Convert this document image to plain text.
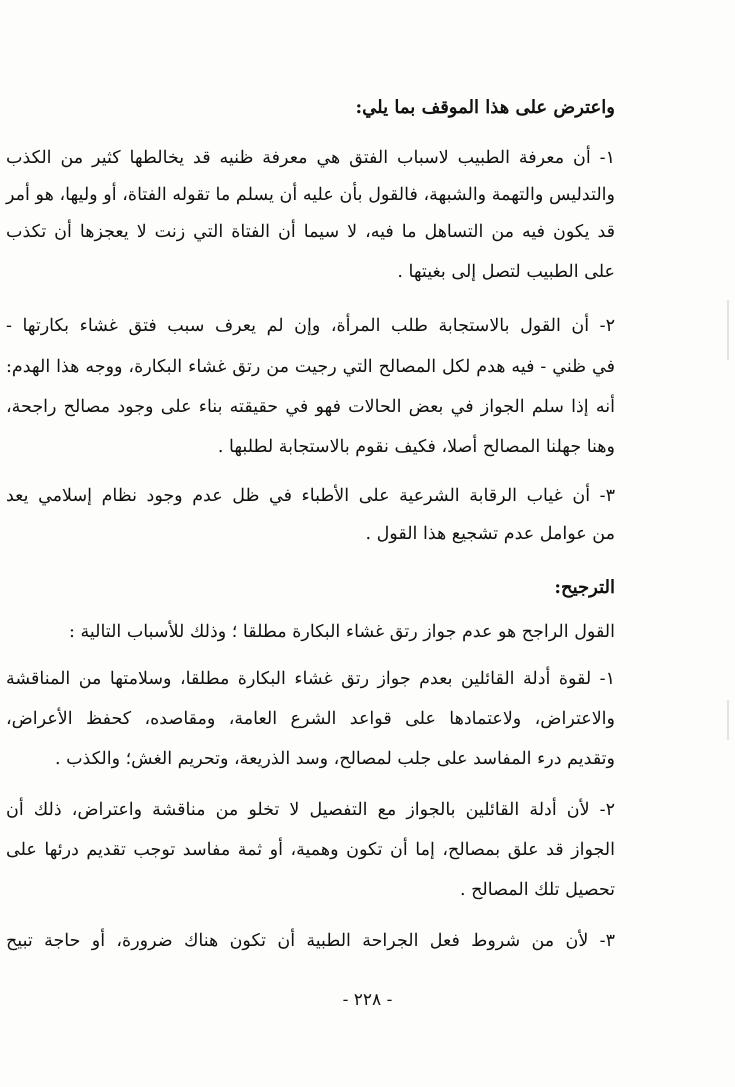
واعترض على هذا الموقف بما يلي:
١- أن معرفة الطبيب لاسباب الفتق هي معرفة ظنيه قد يخالطها كثير من الكذب
والتدليس والتهمة والشبهة، فالقول بأن عليه أن يسلم ما تقوله الفتاة، أو وليها، هو أمر
قد يكون فيه من التساهل ما فيه، لا سيما أن الفتاة التي زنت لا يعجزها أن تكذب
على الطبيب لتصل إلى بغيتها .
٢- أن القول بالاستجابة طلب المرأة، وإن لم يعرف سبب فتق غشاء بكارتها -
في ظني - فيه هدم لكل المصالح التي رجيت من رتق غشاء البكارة، ووجه هذا الهدم:
أنه إذا سلم الجواز في بعض الحالات فهو في حقيقته بناء على وجود مصالح راجحة،
وهنا جهلنا المصالح أصلا، فكيف نقوم بالاستجابة لطلبها .
٣- أن غياب الرقابة الشرعية على الأطباء في ظل عدم وجود نظام إسلامي يعد
من عوامل عدم تشجيع هذا القول .
الترجيح:
القول الراجح هو عدم جواز رتق غشاء البكارة مطلقا ؛ وذلك للأسباب التالية :
١- لقوة أدلة القائلين بعدم جواز رتق غشاء البكارة مطلقا، وسلامتها من المناقشة
والاعتراض، ولاعتمادها على قواعد الشرع العامة، ومقاصده، كحفظ الأعراض،
وتقديم درء المفاسد على جلب لمصالح، وسد الذريعة، وتحريم الغش؛ والكذب .
٢- لأن أدلة القائلين بالجواز مع التفصيل لا تخلو من مناقشة واعتراض، ذلك أن
الجواز قد علق بمصالح، إما أن تكون وهمية، أو ثمة مفاسد توجب تقديم درئها على
تحصيل تلك المصالح .
٣- لأن من شروط فعل الجراحة الطبية أن تكون هناك ضرورة، أو حاجة تبيح
- ٢٢٨ -
